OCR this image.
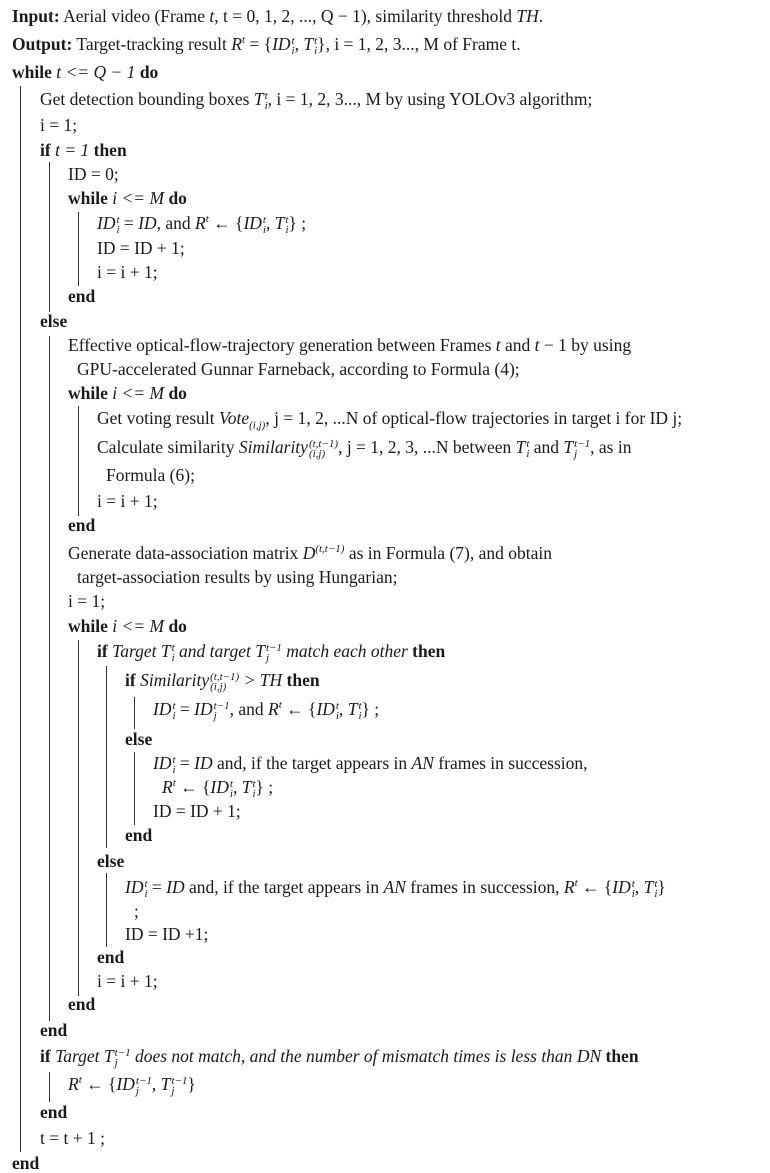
Input: Aerial video (Frame t, t = 0, 1, 2, ..., Q − 1), similarity threshold TH.
Output: Target-tracking result $R^t = \{ID$ t
i , T t
i }, i = 1, 2, 3..., M of Frame t.
while t <= Q − 1 do
Get detection bounding boxes T t
i , i = 1, 2, 3..., M by using YOLOv3 algorithm;
i = 1;
if t = 1 then
ID = 0;
while i <= M do
ID t
i = ID, and $R^t$ ← {ID t
i , T t
i } ;
ID = ID + 1;
i = i + 1;
end
else
Effective optical-flow-trajectory generation between Frames t and t − 1 by using
GPU-accelerated Gunnar Farneback, according to Formula (4);
while i <= M do
Get voting result Vote$_{(i,j)}$, j = 1, 2, ...N of optical-flow trajectories in target i for ID j;
Calculate similarity Similarity (t,t−1)
(i,j) , j = 1, 2, 3, ...N between T t
i and T t−1
j , as in
Formula (6);
i = i + 1;
end
Generate data-association matrix $D^{(t,t-1)}$ as in Formula (7), and obtain
target-association results by using Hungarian;
i = 1;
while i <= M do
if Target T t
i and target T t−1
j match each other then
if Similarity (t,t−1)
(i,j) > TH then
ID t
i = ID t−1
j , and $R^t$ ← {ID t
i , T t
i } ;
else
ID t
i = ID and, if the target appears in AN frames in succession,
$R^t$ ← {ID t
i , T t
i } ;
ID = ID + 1;
end
else
ID t
i = ID and, if the target appears in AN frames in succession, $R^t$ ← {ID t
i , T t
i }
;
ID = ID +1;
end
i = i + 1;
end
end
if Target T t−1
j does not match, and the number of mismatch times is less than DN then
$R^t$ ← {ID t−1
j , T t−1
j }
end
t = t + 1 ;
end
